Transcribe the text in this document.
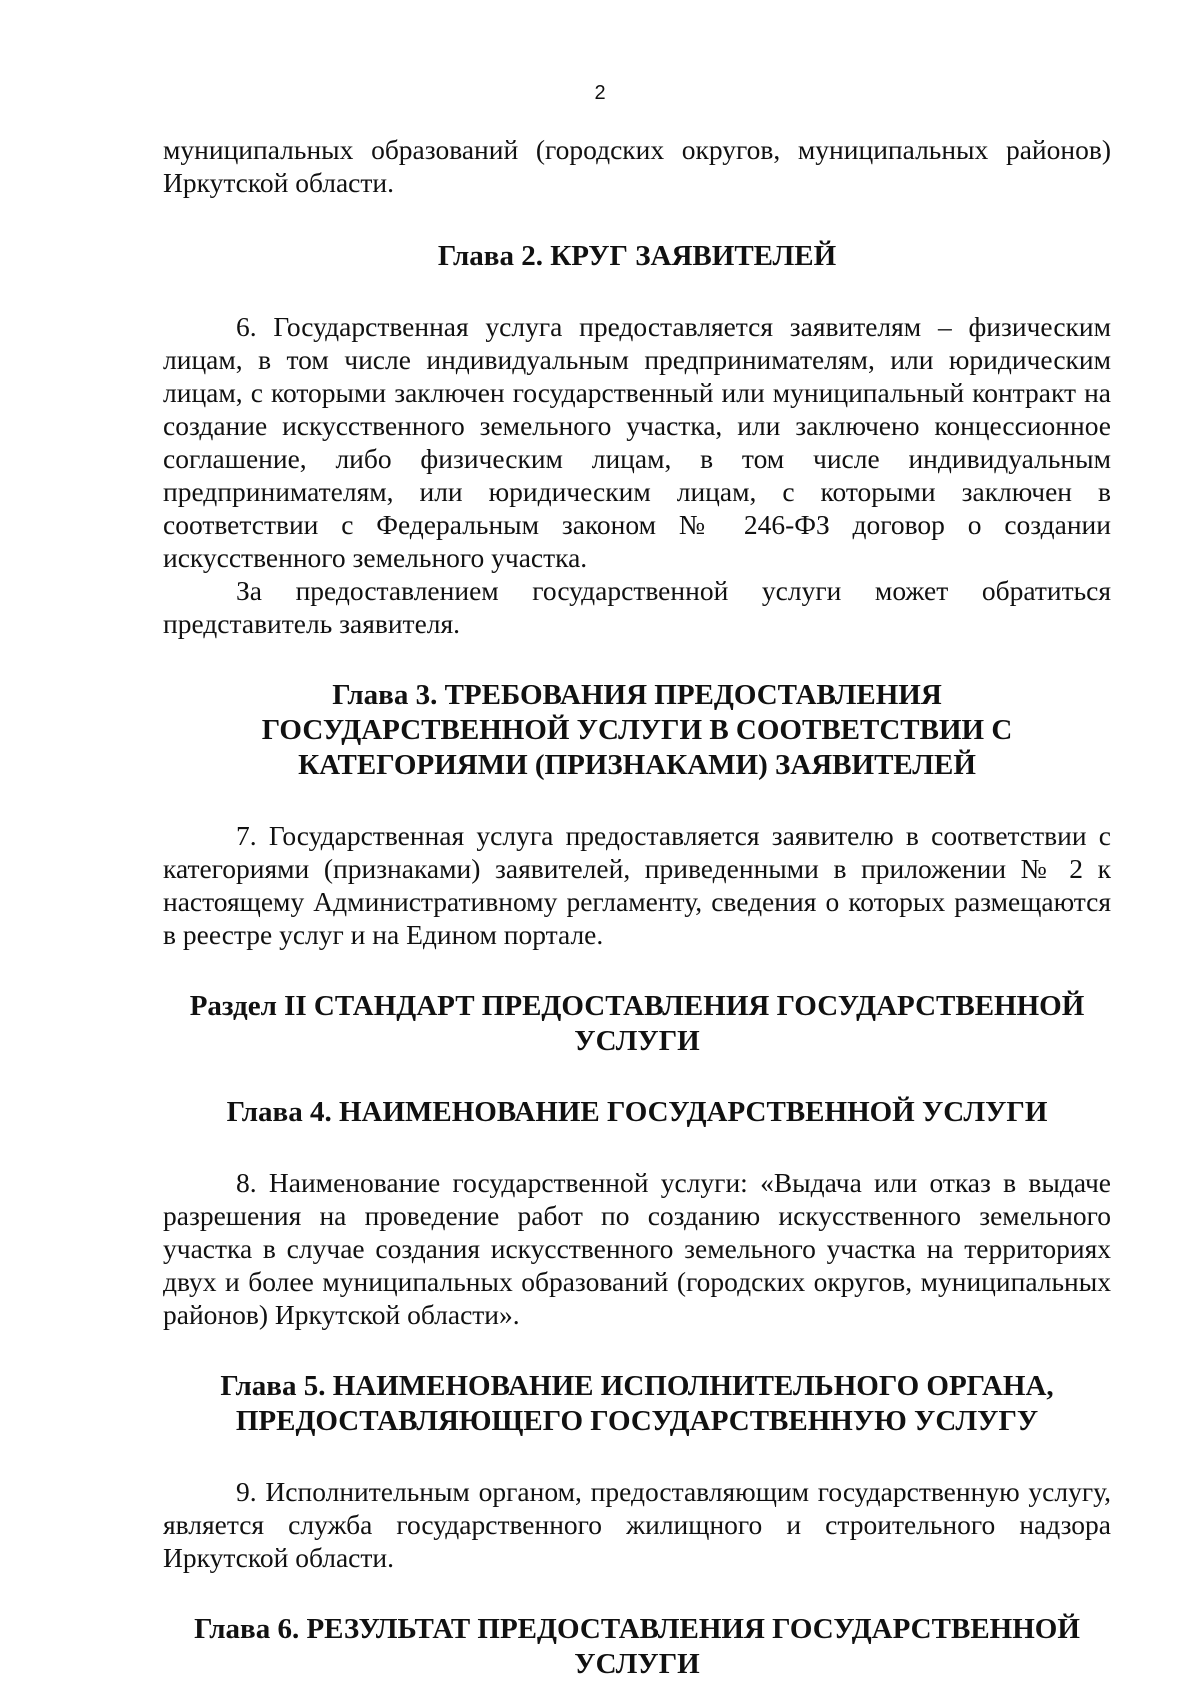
2

муниципальных образований (городских округов, муниципальных районов) Иркутской области.

Глава 2. КРУГ ЗАЯВИТЕЛЕЙ

6. Государственная услуга предоставляется заявителям – физическим лицам, в том числе индивидуальным предпринимателям, или юридическим лицам, с которыми заключен государственный или муниципальный контракт на создание искусственного земельного участка, или заключено концессионное соглашение, либо физическим лицам, в том числе индивидуальным предпринимателям, или юридическим лицам, с которыми заключен в соответствии с Федеральным законом № 246-ФЗ договор о создании искусственного земельного участка.

За предоставлением государственной услуги может обратиться представитель заявителя.

Глава 3. ТРЕБОВАНИЯ ПРЕДОСТАВЛЕНИЯ ГОСУДАРСТВЕННОЙ УСЛУГИ В СООТВЕТСТВИИ С КАТЕГОРИЯМИ (ПРИЗНАКАМИ) ЗАЯВИТЕЛЕЙ

7. Государственная услуга предоставляется заявителю в соответствии с категориями (признаками) заявителей, приведенными в приложении № 2 к настоящему Административному регламенту, сведения о которых размещаются в реестре услуг и на Едином портале.

Раздел II СТАНДАРТ ПРЕДОСТАВЛЕНИЯ ГОСУДАРСТВЕННОЙ УСЛУГИ
Глава 4. НАИМЕНОВАНИЕ ГОСУДАРСТВЕННОЙ УСЛУГИ

8. Наименование государственной услуги: «Выдача или отказ в выдаче разрешения на проведение работ по созданию искусственного земельного участка в случае создания искусственного земельного участка на территориях двух и более муниципальных образований (городских округов, муниципальных районов) Иркутской области».

Глава 5. НАИМЕНОВАНИЕ ИСПОЛНИТЕЛЬНОГО ОРГАНА, ПРЕДОСТАВЛЯЮЩЕГО ГОСУДАРСТВЕННУЮ УСЛУГУ

9. Исполнительным органом, предоставляющим государственную услугу, является служба государственного жилищного и строительного надзора Иркутской области.

Глава 6. РЕЗУЛЬТАТ ПРЕДОСТАВЛЕНИЯ ГОСУДАРСТВЕННОЙ УСЛУГИ
